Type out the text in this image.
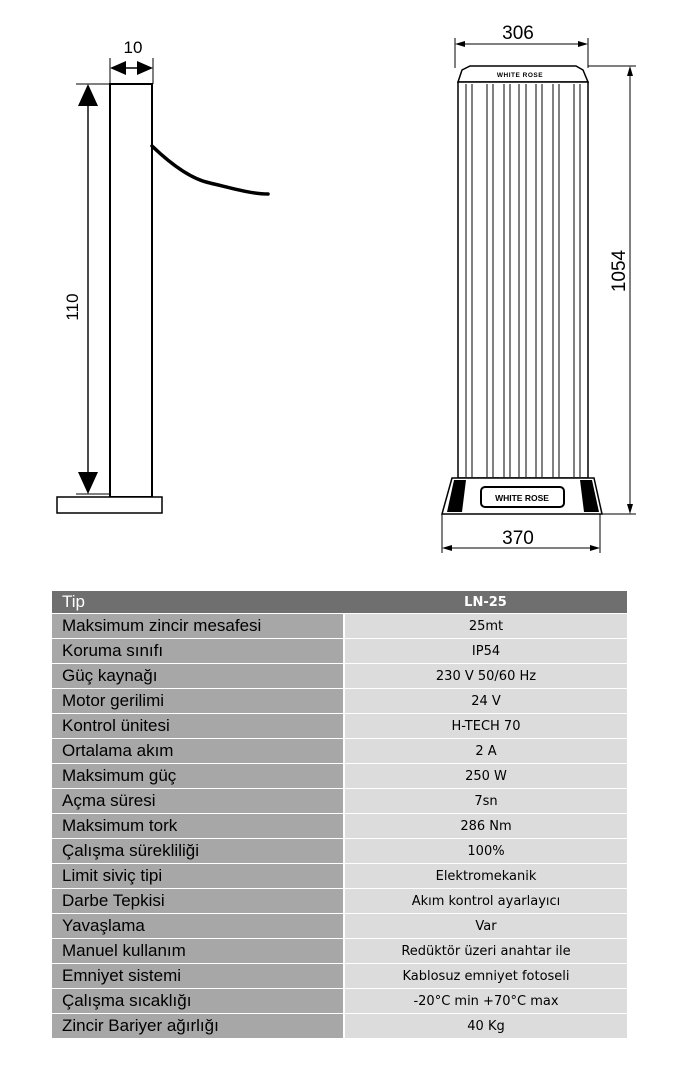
10
110
306
WHITE ROSE
WHITE ROSE
1054
370
Tip	LN-25
Maksimum zincir mesafesi	25mt
Koruma sınıfı	IP54
Güç kaynağı	230 V 50/60 Hz
Motor gerilimi	24 V
Kontrol ünitesi	H-TECH 70
Ortalama akım	2 A
Maksimum güç	250 W
Açma süresi	7sn
Maksimum tork	286 Nm
Çalışma sürekliliği	100%
Limit siviç tipi	Elektromekanik
Darbe Tepkisi	Akım kontrol ayarlayıcı
Yavaşlama	Var
Manuel kullanım	Redüktör üzeri anahtar ile
Emniyet sistemi	Kablosuz emniyet fotoseli
Çalışma sıcaklığı	-20°C min +70°C max
Zincir Bariyer ağırlığı	40 Kg
